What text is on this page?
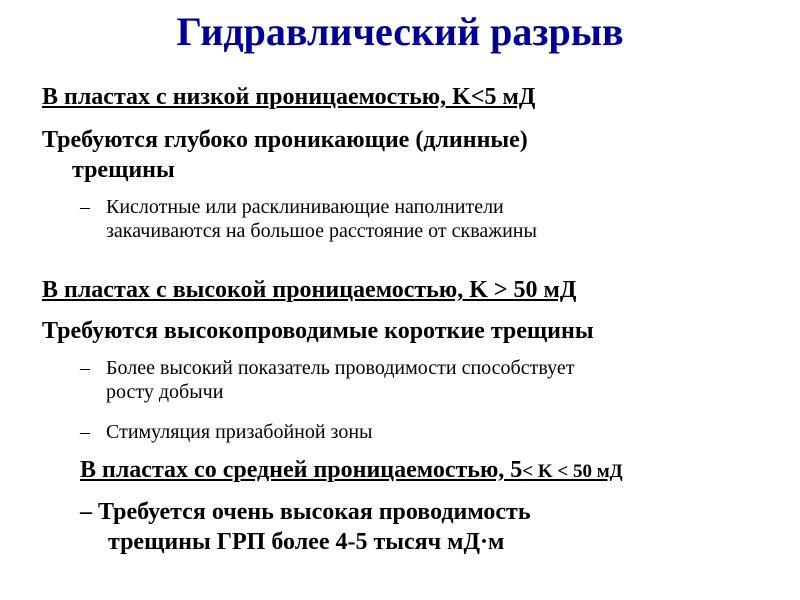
Гидравлический разрыв
В пластах с низкой проницаемостью, K<5 мД
Требуются глубоко проникающие (длинные)
трещины
– Кислотные или расклинивающие наполнители
закачиваются на большое расстояние от скважины
В пластах с высокой проницаемостью, K > 50 мД
Требуются высокопроводимые короткие трещины
– Более высокий показатель проводимости способствует
росту добычи
– Стимуляция призабойной зоны
В пластах со средней проницаемостью, 5< K < 50 мД
– Требуется очень высокая проводимость
трещины ГРП более 4-5 тысяч мД·м
